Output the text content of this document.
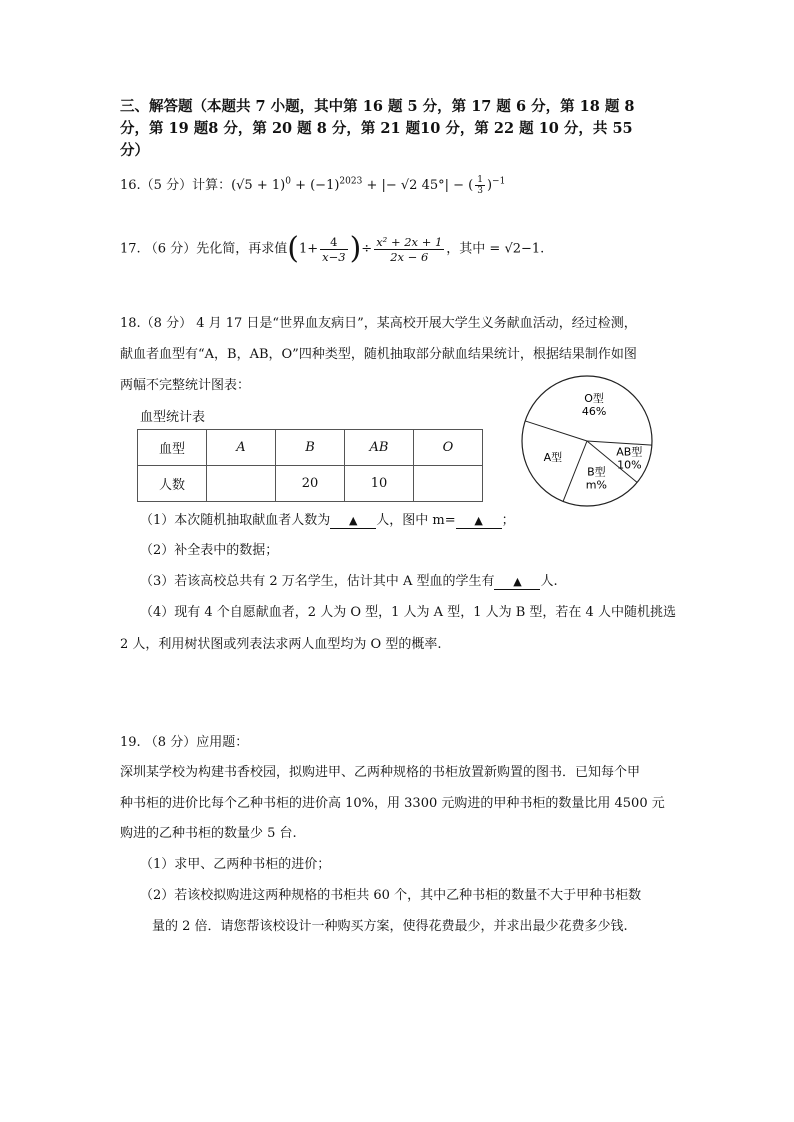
三、解答题（本题共 7 小题，其中第 16 题 5 分，第 17 题 6 分，第 18 题 8
分，第 19 题8 分，第 20 题 8 分，第 21 题10 分，第 22 题 10 分，共 55
分）
16.（5 分）计算：$(√5 + 1)^0 + (-1)^{2023}$ + |− √2 45°| − ( $\frac{1}{3} )^{-1}$
17. （6 分）先化简，再求值($1+ \frac{4}{x-3}$ )÷ $\frac{\text{x² + 2x + 1}}{2x - 6}$ ，其中 = √2−1.
18.（8 分） 4 月 17 日是“世界血友病日”，某高校开展大学生义务献血活动，经过检测，
献血者血型有“A，B，AB，O”四种类型，随机抽取部分献血结果统计，根据结果制作如图
两幅不完整统计图表：
血型统计表
血型	A	B	AB	O
人数		20	10	
O型
46%
AB型
10%
B型
m%
A型
（1）本次随机抽取献血者人数为 ▲ 人，图中 m= ▲ ；
（2）补全表中的数据；
（3）若该高校总共有 2 万名学生，估计其中 A 型血的学生有 ▲ 人.
（4）现有 4 个自愿献血者，2 人为 O 型，1 人为 A 型，1 人为 B 型，若在 4 人中随机挑选
2 人，利用树状图或列表法求两人血型均为 O 型的概率.
19. （8 分）应用题：
深圳某学校为构建书香校园，拟购进甲、乙两种规格的书柜放置新购置的图书．已知每个甲
种书柜的进价比每个乙种书柜的进价高 10%，用 3300 元购进的甲种书柜的数量比用 4500 元
购进的乙种书柜的数量少 5 台.
（1）求甲、乙两种书柜的进价；
（2）若该校拟购进这两种规格的书柜共 60 个，其中乙种书柜的数量不大于甲种书柜数
量的 2 倍．请您帮该校设计一种购买方案，使得花费最少，并求出最少花费多少钱.
